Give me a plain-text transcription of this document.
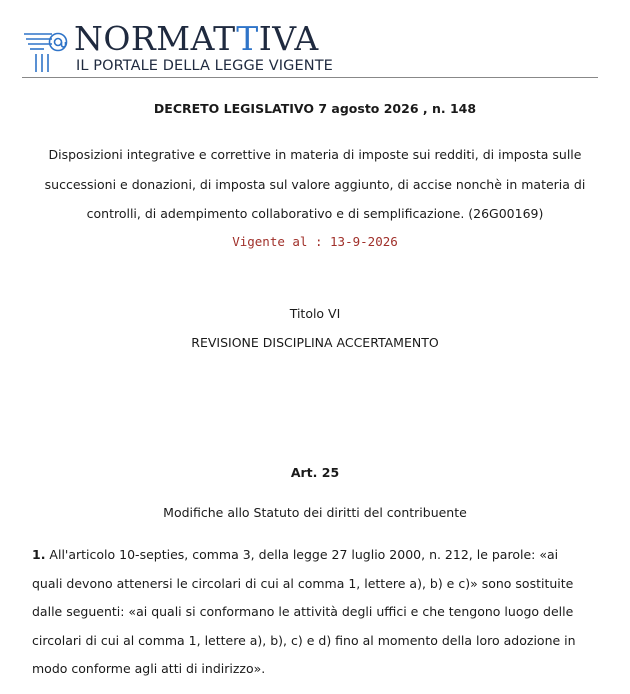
NORMATTIVA
IL PORTALE DELLA LEGGE VIGENTE
DECRETO LEGISLATIVO 7 agosto 2026 , n. 148
Disposizioni integrative e correttive in materia di imposte sui redditi, di imposta sulle successioni e donazioni, di imposta sul valore aggiunto, di accise nonchè in materia di controlli, di adempimento collaborativo e di semplificazione. (26G00169)
Vigente al : 13-9-2026
Titolo VI
REVISIONE DISCIPLINA ACCERTAMENTO
Art. 25
Modifiche allo Statuto dei diritti del contribuente
1. All'articolo 10-septies, comma 3, della legge 27 luglio 2000, n. 212, le parole: «ai quali devono attenersi le circolari di cui al comma 1, lettere a), b) e c)» sono sostituite dalle seguenti: «ai quali si conformano le attività degli uffici e che tengono luogo delle circolari di cui al comma 1, lettere a), b), c) e d) fino al momento della loro adozione in modo conforme agli atti di indirizzo».
